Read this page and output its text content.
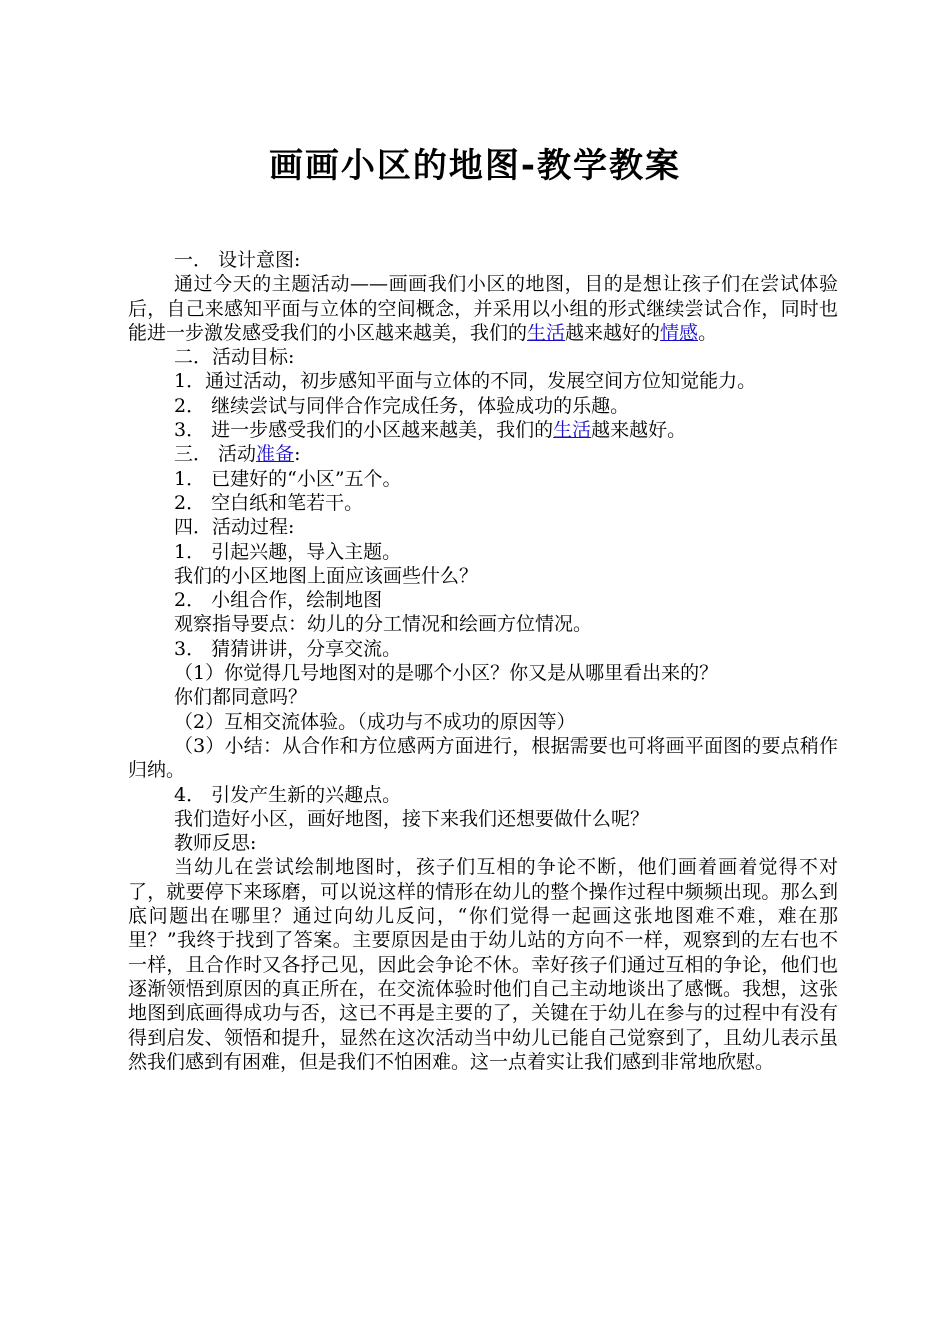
画画小区的地图-教学教案

一． 设计意图:

通过今天的主题活动——画画我们小区的地图，目的是想让孩子们在尝试体验后，自己来感知平面与立体的空间概念，并采用以小组的形式继续尝试合作，同时也能进一步激发感受我们的小区越来越美，我们的生活越来越好的情感。

二．活动目标:

1．通过活动，初步感知平面与立体的不同，发展空间方位知觉能力。

2． 继续尝试与同伴合作完成任务，体验成功的乐趣。

3． 进一步感受我们的小区越来越美，我们的生活越来越好。

三． 活动准备:

1． 已建好的“小区”五个。

2． 空白纸和笔若干。

四．活动过程:

1． 引起兴趣，导入主题。

我们的小区地图上面应该画些什么？

2． 小组合作，绘制地图

观察指导要点：幼儿的分工情况和绘画方位情况。

3． 猜猜讲讲，分享交流。

（1）你觉得几号地图对的是哪个小区？你又是从哪里看出来的？

你们都同意吗？

（2）互相交流体验。（成功与不成功的原因等）

（3）小结：从合作和方位感两方面进行，根据需要也可将画平面图的要点稍作归纳。

4． 引发产生新的兴趣点。

我们造好小区，画好地图，接下来我们还想要做什么呢？

教师反思:

当幼儿在尝试绘制地图时，孩子们互相的争论不断，他们画着画着觉得不对了，就要停下来琢磨，可以说这样的情形在幼儿的整个操作过程中频频出现。那么到底问题出在哪里？通过向幼儿反问，“你们觉得一起画这张地图难不难，难在那里？”我终于找到了答案。主要原因是由于幼儿站的方向不一样，观察到的左右也不一样，且合作时又各抒己见，因此会争论不休。幸好孩子们通过互相的争论，他们也逐渐领悟到原因的真正所在，在交流体验时他们自己主动地谈出了感慨。我想，这张地图到底画得成功与否，这已不再是主要的了，关键在于幼儿在参与的过程中有没有得到启发、领悟和提升，显然在这次活动当中幼儿已能自己觉察到了，且幼儿表示虽然我们感到有困难，但是我们不怕困难。这一点着实让我们感到非常地欣慰。
